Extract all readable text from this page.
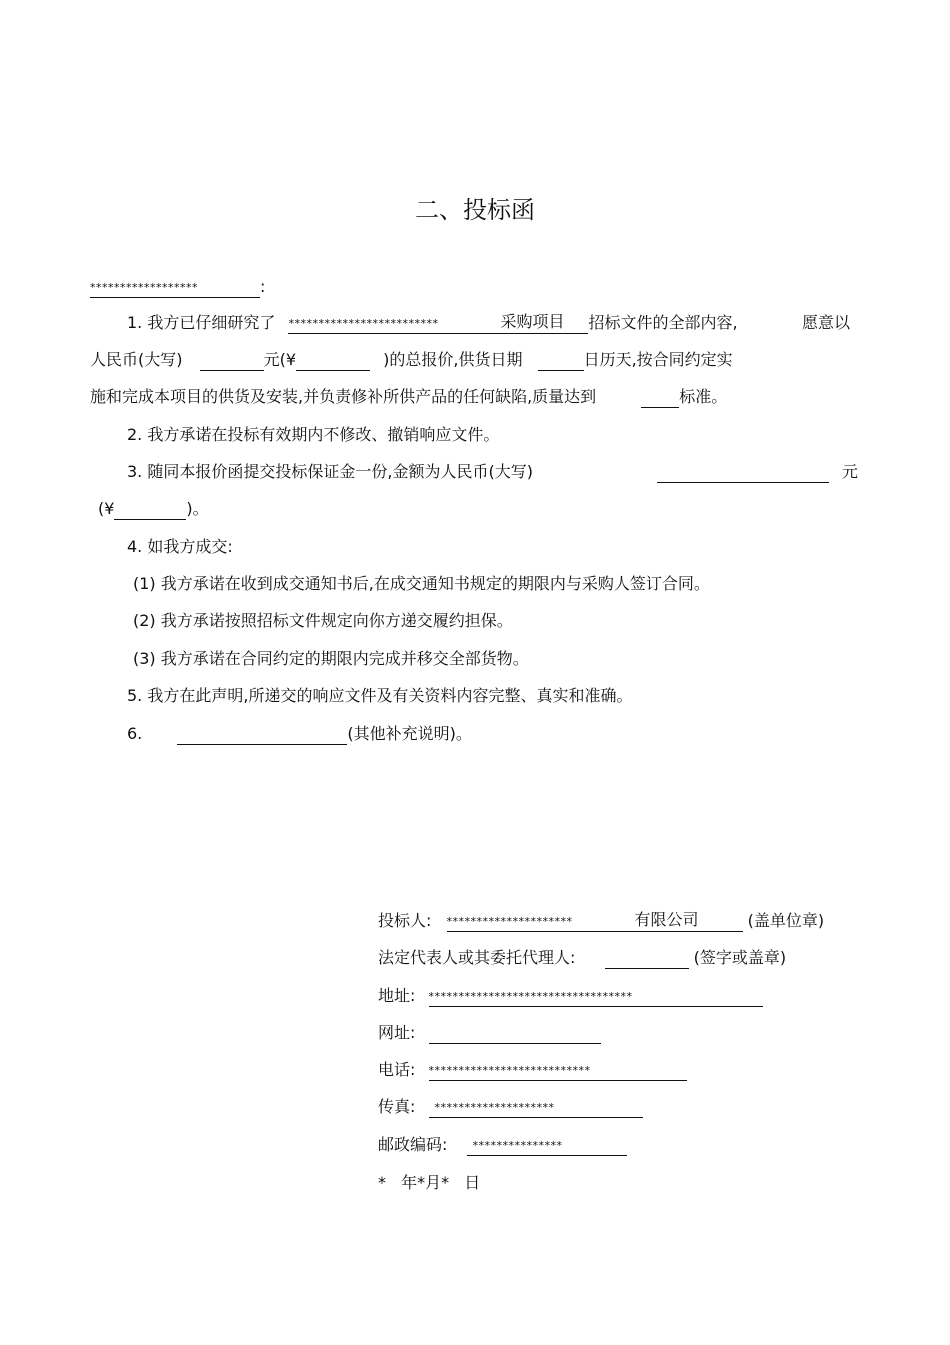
二、投标函
******************	:
1. 我方已仔细研究了 *************************	采购项目 招标文件的全部内容,	愿意以
人民币(大写)	元(¥	)的总报价,供货日期	日历天,按合同约定实
施和完成本项目的供货及安装,并负责修补所供产品的任何缺陷,质量达到	标准。
2. 我方承诺在投标有效期内不修改、撤销响应文件。
3. 随同本报价函提交投标保证金一份,金额为人民币(大写)	元
(¥	)。
4. 如我方成交:
(1) 我方承诺在收到成交通知书后,在成交通知书规定的期限内与采购人签订合同。
(2) 我方承诺按照招标文件规定向你方递交履约担保。
(3) 我方承诺在合同约定的期限内完成并移交全部货物。
5. 我方在此声明,所递交的响应文件及有关资料内容完整、真实和准确。
6.	(其他补充说明)。
投标人: *********************	有限公司	(盖单位章)
法定代表人或其委托代理人:	(签字或盖章)
地址: **********************************
网址:
电话: ***************************
传真: ********************
邮政编码: ***************
* 年*月* 日
